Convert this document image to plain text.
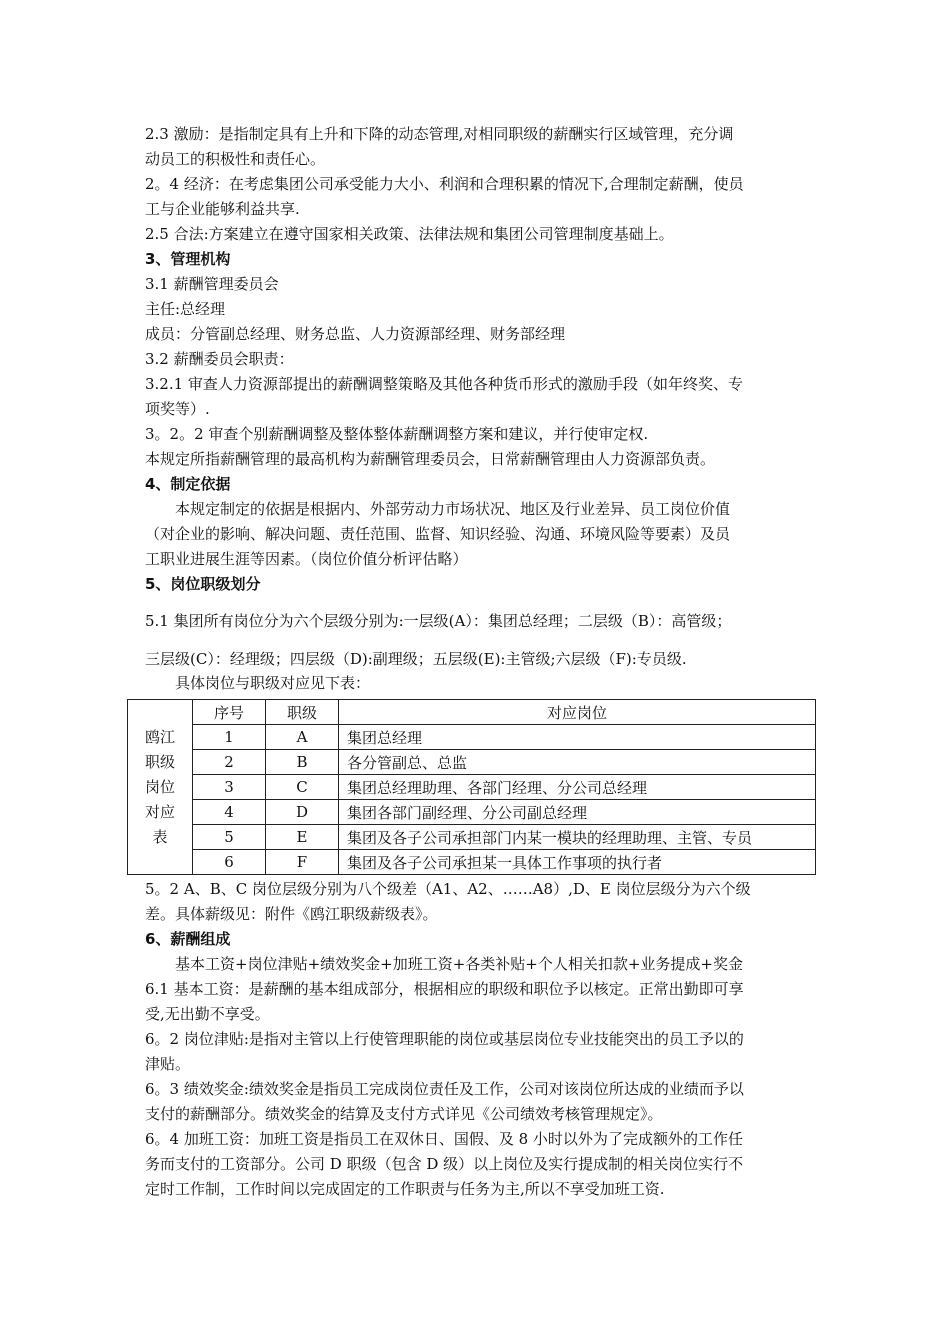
2.3 激励：是指制定具有上升和下降的动态管理,对相同职级的薪酬实行区域管理，充分调
动员工的积极性和责任心。
2。4 经济：在考虑集团公司承受能力大小、利润和合理积累的情况下,合理制定薪酬，使员
工与企业能够利益共享.
2.5 合法:方案建立在遵守国家相关政策、法律法规和集团公司管理制度基础上。
3、管理机构
3.1 薪酬管理委员会
主任:总经理
成员：分管副总经理、财务总监、人力资源部经理、财务部经理
3.2 薪酬委员会职责：
3.2.1 审查人力资源部提出的薪酬调整策略及其他各种货币形式的激励手段（如年终奖、专
项奖等）.
3。2。2 审查个别薪酬调整及整体整体薪酬调整方案和建议，并行使审定权.
本规定所指薪酬管理的最高机构为薪酬管理委员会，日常薪酬管理由人力资源部负责。
4、制定依据
本规定制定的依据是根据内、外部劳动力市场状况、地区及行业差异、员工岗位价值
（对企业的影响、解决问题、责任范围、监督、知识经验、沟通、环境风险等要素）及员
工职业进展生涯等因素。（岗位价值分析评估略）
5、岗位职级划分
5.1 集团所有岗位分为六个层级分别为:一层级(A）：集团总经理；二层级（B）：高管级；
三层级(C）：经理级；四层级（D):副理级；五层级(E):主管级;六层级（F):专员级.
具体岗位与职级对应见下表：
鸥江
职级
岗位
对应
表	序号	职级	对应岗位
	1	A	集团总经理
	2	B	各分管副总、总监
	3	C	集团总经理助理、各部门经理、分公司总经理
	4	D	集团各部门副经理、分公司副总经理
	5	E	集团及各子公司承担部门内某一模块的经理助理、主管、专员
	6	F	集团及各子公司承担某一具体工作事项的执行者
5。2 A、B、C 岗位层级分别为八个级差（A1、A2、……A8）,D、E 岗位层级分为六个级
差。具体薪级见：附件《鸥江职级薪级表》。
6、薪酬组成
基本工资+岗位津贴+绩效奖金+加班工资+各类补贴+个人相关扣款+业务提成+奖金
6.1 基本工资：是薪酬的基本组成部分，根据相应的职级和职位予以核定。正常出勤即可享
受,无出勤不享受。
6。2 岗位津贴:是指对主管以上行使管理职能的岗位或基层岗位专业技能突出的员工予以的
津贴。
6。3 绩效奖金:绩效奖金是指员工完成岗位责任及工作，公司对该岗位所达成的业绩而予以
支付的薪酬部分。绩效奖金的结算及支付方式详见《公司绩效考核管理规定》。
6。4 加班工资：加班工资是指员工在双休日、国假、及 8 小时以外为了完成额外的工作任
务而支付的工资部分。公司 D 职级（包含 D 级）以上岗位及实行提成制的相关岗位实行不
定时工作制，工作时间以完成固定的工作职责与任务为主,所以不享受加班工资.
